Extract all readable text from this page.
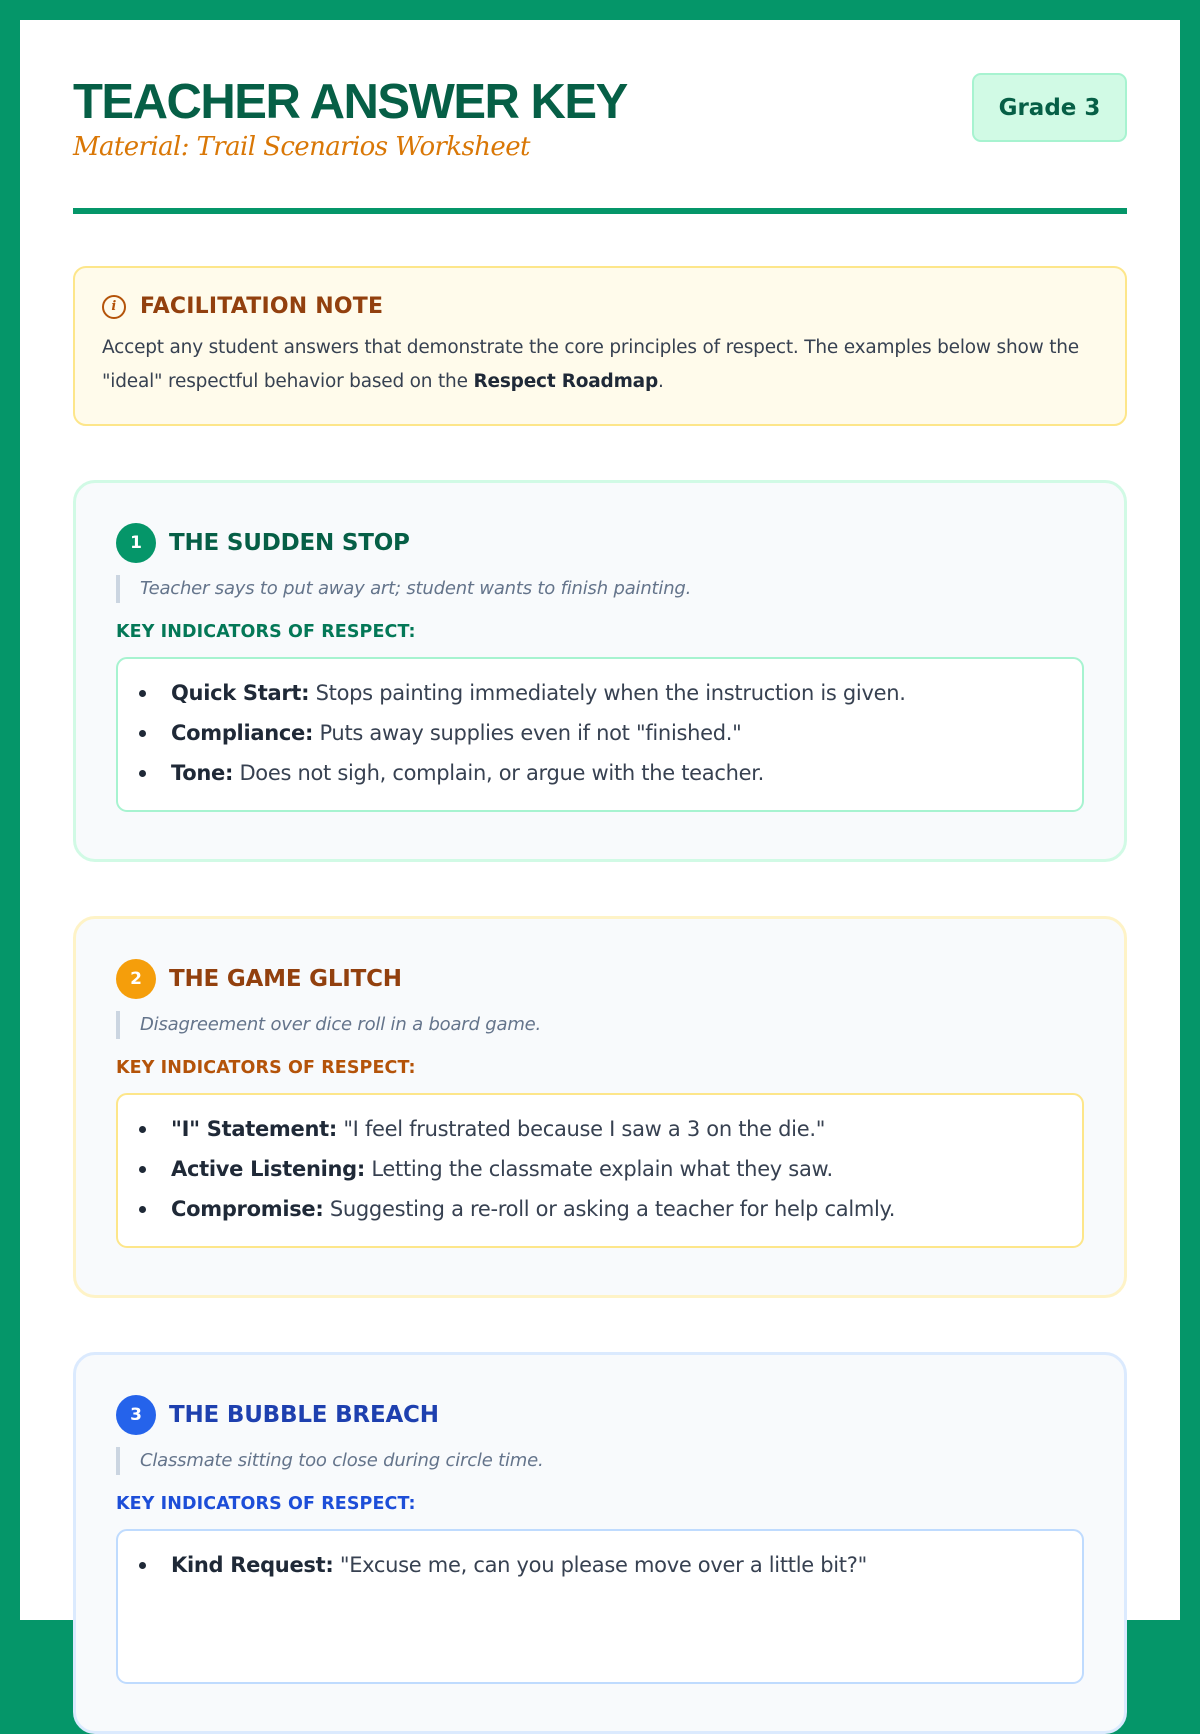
TEACHER ANSWER KEY
Material: Trail Scenarios Worksheet
Grade 3
i	FACILITATION NOTE

Accept any student answers that demonstrate the core principles of respect. The examples below show the "ideal" respectful behavior based on the Respect Roadmap.

1	THE SUDDEN STOP
Teacher says to put away art; student wants to finish painting.
KEY INDICATORS OF RESPECT:
Quick Start: Stops painting immediately when the instruction is given.
Compliance: Puts away supplies even if not "finished."
Tone: Does not sigh, complain, or argue with the teacher.
2	THE GAME GLITCH
Disagreement over dice roll in a board game.
KEY INDICATORS OF RESPECT:
"I" Statement: "I feel frustrated because I saw a 3 on the die."
Active Listening: Letting the classmate explain what they saw.
Compromise: Suggesting a re-roll or asking a teacher for help calmly.
3	THE BUBBLE BREACH
Classmate sitting too close during circle time.
KEY INDICATORS OF RESPECT:
Kind Request: "Excuse me, can you please move over a little bit?"
